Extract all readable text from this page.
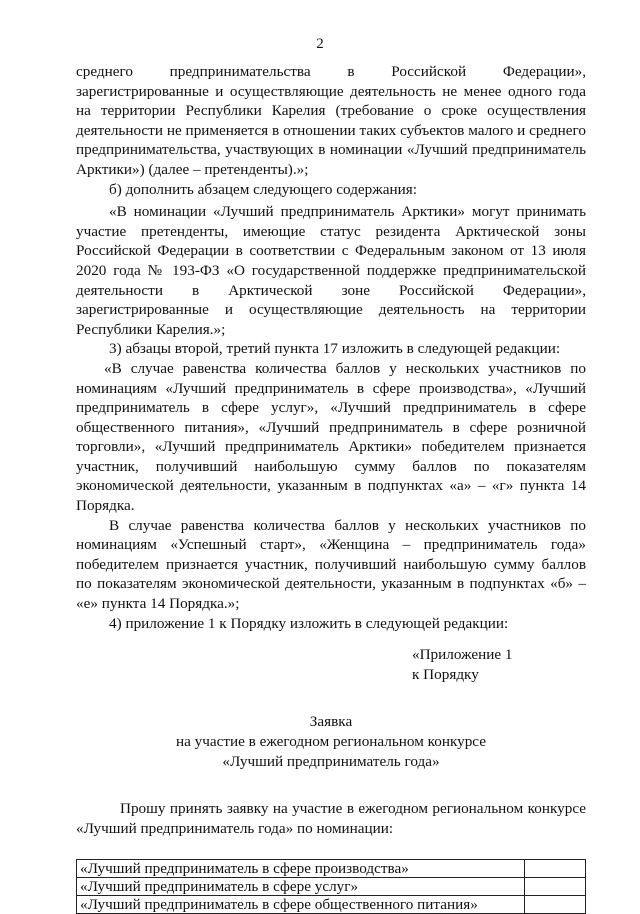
2

среднего предпринимательства в Российской Федерации», зарегистрированные и осуществляющие деятельность не менее одного года на территории Республики Карелия (требование о сроке осуществления деятельности не применяется в отношении таких субъектов малого и среднего предпринимательства, участвующих в номинации «Лучший предприниматель Арктики») (далее – претенденты).»;

б) дополнить абзацем следующего содержания:

«В номинации «Лучший предприниматель Арктики» могут принимать участие претенденты, имеющие статус резидента Арктической зоны Российской Федерации в соответствии с Федеральным законом от 13 июля 2020 года № 193-ФЗ «О государственной поддержке предпринимательской деятельности в Арктической зоне Российской Федерации», зарегистрированные и осуществляющие деятельность на территории Республики Карелия.»;

3) абзацы второй, третий пункта 17 изложить в следующей редакции:

«В случае равенства количества баллов у нескольких участников по номинациям «Лучший предприниматель в сфере производства», «Лучший предприниматель в сфере услуг», «Лучший предприниматель в сфере общественного питания», «Лучший предприниматель в сфере розничной торговли», «Лучший предприниматель Арктики» победителем признается участник, получивший наибольшую сумму баллов по показателям экономической деятельности, указанным в подпунктах «а» – «г» пункта 14 Порядка.

В случае равенства количества баллов у нескольких участников по номинациям «Успешный старт», «Женщина – предприниматель года» победителем признается участник, получивший наибольшую сумму баллов по показателям экономической деятельности, указанным в подпунктах «б» – «е» пункта 14 Порядка.»;

4) приложение 1 к Порядку изложить в следующей редакции:

«Приложение 1
к Порядку
Заявка
на участие в ежегодном региональном конкурсе
«Лучший предприниматель года»

Прошу принять заявку на участие в ежегодном региональном конкурсе «Лучший предприниматель года» по номинации:

«Лучший предприниматель в сфере производства»	
«Лучший предприниматель в сфере услуг»	
«Лучший предприниматель в сфере общественного питания»	
